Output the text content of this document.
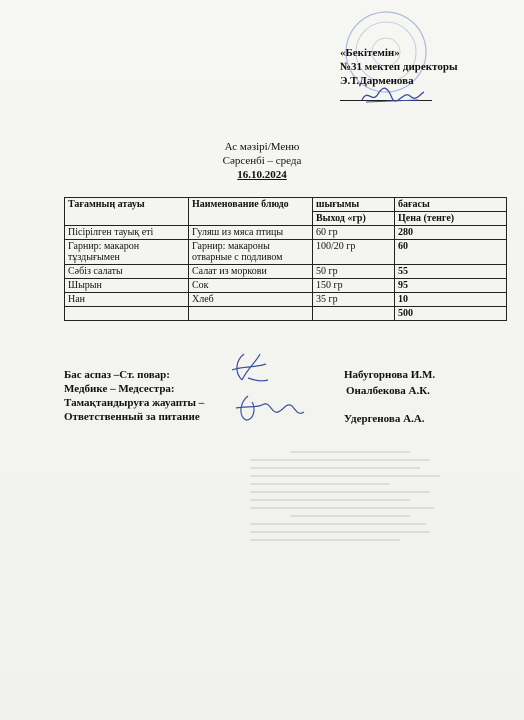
«Бекітемін»
№31 мектеп директоры
Э.Т.Дарменова
Ас мәзірі/Меню
Сәрсенбі – среда
16.10.2024
Тағамның атауы	Наименование блюдо	шығымы	бағасы
		Выход «гр)	Цена (тенге)
Пісірілген тауық еті	Гуляш из мяса птицы	60 гр	280
Гарнир: макарон тұздығымен	Гарнир: макароны отварные с подливом	100/20 гр	60
Сәбіз салаты	Салат из моркови	50 гр	55
Шырын	Сок	150 гр	95
Нан	Хлеб	35 гр	10
			500
Бас аспаз –Ст. повар:	Набугорнова И.М.
Медбике – Медсестра:	Оналбекова А.К.
Тамақтандыруға жауапты – Ответственный за питание	Удергенова А.А.
